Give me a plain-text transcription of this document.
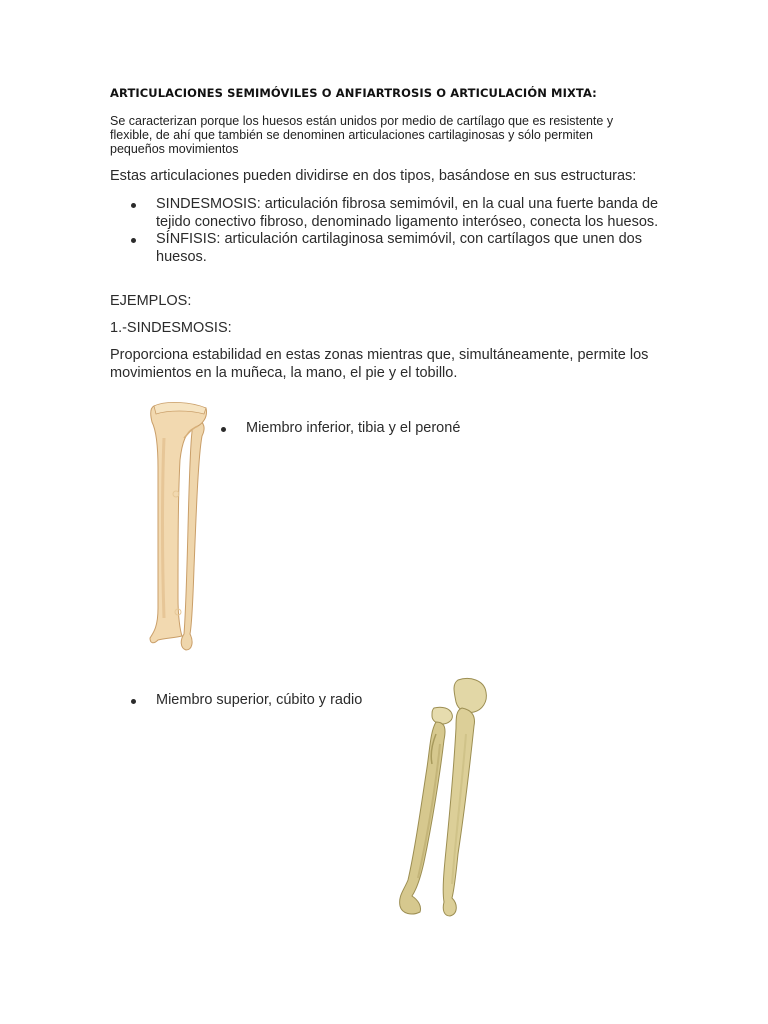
ARTICULACIONES SEMIMÓVILES O ANFIARTROSIS O ARTICULACIÓN MIXTA:
Se caracterizan porque los huesos están unidos por medio de cartílago que es resistente y flexible, de ahí que también se denominen articulaciones cartilaginosas y sólo permiten pequeños movimientos
Estas articulaciones pueden dividirse en dos tipos, basándose en sus estructuras:
SINDESMOSIS: articulación fibrosa semimóvil, en la cual una fuerte banda de tejido conectivo fibroso, denominado ligamento interóseo, conecta los huesos.
SÍNFISIS: articulación cartilaginosa semimóvil, con cartílagos que unen dos huesos.
EJEMPLOS:
1.-SINDESMOSIS:
Proporciona estabilidad en estas zonas mientras que, simultáneamente, permite los movimientos en la muñeca, la mano, el pie y el tobillo.
Miembro inferior, tibia y el peroné
Miembro superior, cúbito y radio
